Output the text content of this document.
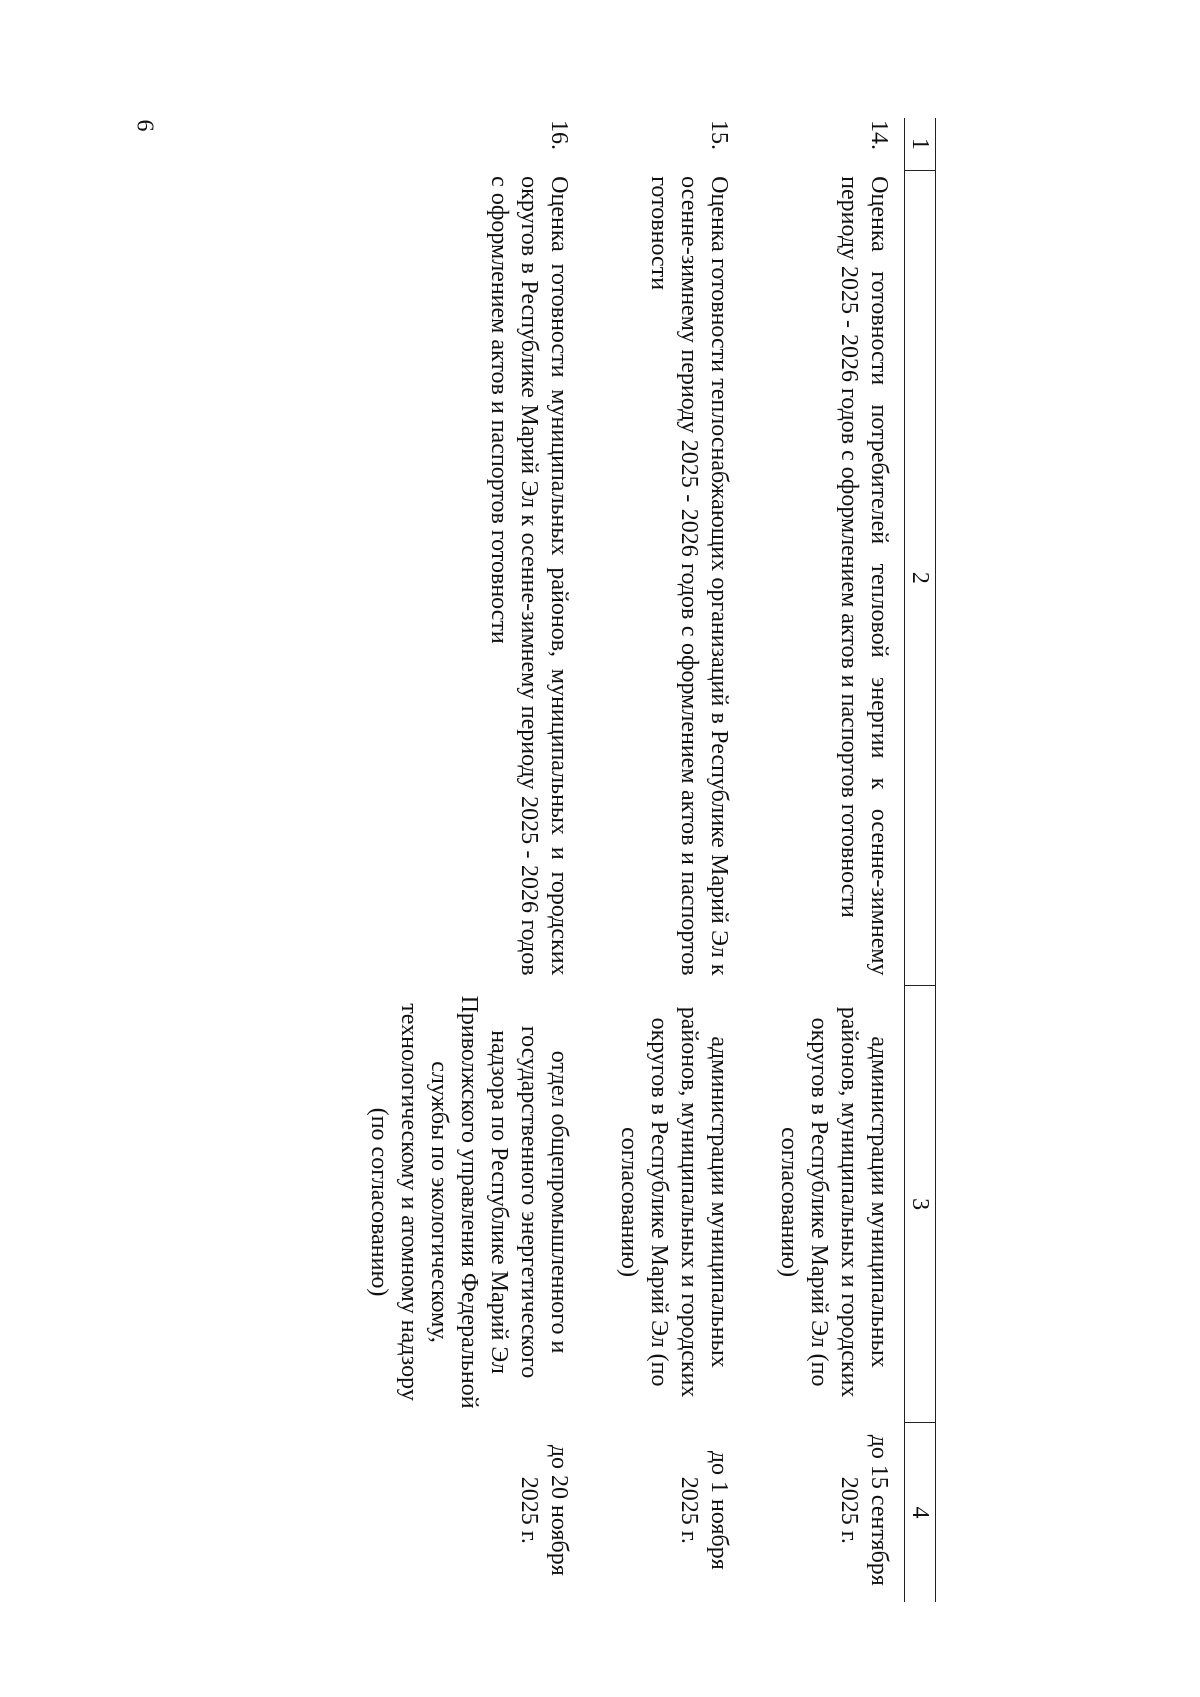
6
1	2	3	4
14.	Оценка готовности потребителей тепловой энергии к осенне-зимнему периоду 2025 - 2026 годов с оформлением актов и паспортов готовности	администрации муниципальных районов, муниципальных и городских округов в Республике Марий Эл (по согласованию)	до 15 сентября 2025 г.
15.	Оценка готовности теплоснабжающих организаций в Республике Марий Эл к осенне-зимнему периоду 2025 - 2026 годов с оформлением актов и паспортов готовности	администрации муниципальных районов, муниципальных и городских округов в Республике Марий Эл (по согласованию)	до 1 ноября 2025 г.
16.	Оценка готовности муниципальных районов, муниципальных и городских округов в Республике Марий Эл к осенне-зимнему периоду 2025 - 2026 годов с оформлением актов и паспортов готовности	отдел общепромышленного и государственного энергетического надзора по Республике Марий Эл Приволжского управления Федеральной службы по экологическому, технологическому и атомному надзору (по согласованию)	до 20 ноября 2025 г.
